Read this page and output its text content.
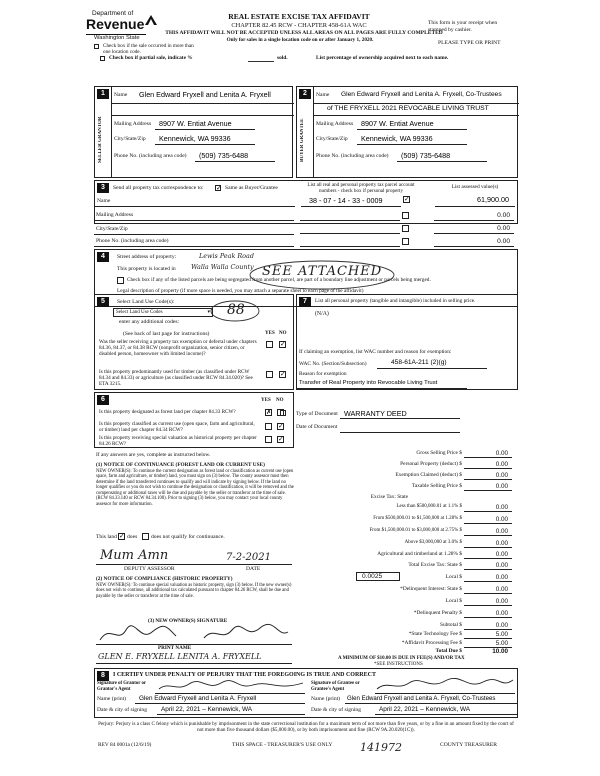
Department of
Revenue
Washington State
REAL ESTATE EXCISE TAX AFFIDAVIT
CHAPTER 82.45 RCW - CHAPTER 458-61A WAC
THIS AFFIDAVIT WILL NOT BE ACCEPTED UNLESS ALL AREAS ON ALL PAGES ARE FULLY COMPLETED
Only for sales in a single location code on or after January 1, 2020.
This form is your receipt when stamped by cashier.
PLEASE TYPE OR PRINT
Check box if the sale occurred in more than one location code.
Check box if partial sale, indicate %	sold.	List percentage of ownership acquired next to each name.
1
SELLER GRANTOR
Name Glen Edward Fryxell and Lenita A. Fryxell
Mailing Address 8907 W. Entiat Avenue
City/State/Zip Kennewick, WA 99336
Phone No. (including area code) (509) 735-6488
2
BUYER GRANTEE
Name Glen Edward Fryxell and Lenita A. Fryxell, Co-Trustees
of THE FRYXELL 2021 REVOCABLE LIVING TRUST
Mailing Address 8907 W. Entiat Avenue
City/State/Zip Kennewick, WA 99336
Phone No. (including area code) (509) 735-6488
3	Send all property tax correspondence to: ✓ Same as Buyer/Grantee
Name
List all real and personal property tax parcel account numbers - check box if personal property
List assessed value(s)
38 - 07 - 14 - 33 - 0009	✓	61,900.00
Mailing Address
City/State/Zip
Phone No. (including area code)
0.00
0.00
0.00
4	Street address of property:	Lewis Peak Road
This property is located in Walla Walla County
Check box if any of the listed parcels are being segregated from another parcel, are part of a boundary line adjustment or parcels being merged.
Legal description of property (if more space is needed, you may attach a separate sheet to each page of the affidavit)
SEE ATTACHED
5	Select Land Use Code(s):
Select Land Use Codes	▾ 88
enter any additional codes:
(See back of last page for instructions)	YES NO
Was the seller receiving a property tax exemption or deferral under chapters 84.36, 84.37, or 84.38 RCW (nonprofit organization, senior citizen, or disabled person, homeowner with limited income)?
✓
Is this property predominantly used for timber (as classified under RCW 84.34 and 84.33) or agriculture (as classified under RCW 84.34.020)? See ETA 3215.
✓
7	List all personal property (tangible and intangible) included in selling price.
(N/A)
If claiming an exemption, list WAC number and reason for exemption:
WAC No. (Section/Subsection)	458-61A-211 (2)(g)
Reason for exemption
Transfer of Real Property into Revocable Living Trust
6	YES NO
Is this property designated as forest land per chapter 84.33 RCW?	✗
Is this property classified as current use (open space, farm and agricultural, or timber) land per chapter 84.34 RCW?
✓
Is this property receiving special valuation as historical property per chapter 84.26 RCW?
✓
If any answers are yes, complete as instructed below.
(1) NOTICE OF CONTINUANCE (FOREST LAND OR CURRENT USE)
NEW OWNER(S): To continue the current designation as forest land or classification as current use (open space, farm and agriculture, or timber) land, you must sign on (3) below. The county assessor must then determine if the land transferred continues to qualify and will indicate by signing below. If the land no longer qualifies or you do not wish to continue the designation or classification, it will be removed and the compensating or additional taxes will be due and payable by the seller or transferor at the time of sale. (RCW 84.33.140 or RCW 84.34.108). Prior to signing (3) below, you may contact your local county assessor for more information.
This land ✓ does does not qualify for continuance.
Mum Amn	7-2-2021
DEPUTY ASSESSOR	DATE
(2) NOTICE OF COMPLIANCE (HISTORIC PROPERTY)
NEW OWNER(S): To continue special valuation as historic property, sign (3) below. If the new owner(s) does not wish to continue, all additional tax calculated pursuant to chapter 84.26 RCW, shall be due and payable by the seller or transferor at the time of sale.
(3) NEW OWNER(S) SIGNATURE
PRINT NAME
GLEN E. FRYXELL LENITA A. FRYXELL
Type of Document WARRANTY DEED
Date of Document
Gross Selling Price $	0.00
Personal Property (deduct) $	0.00
Exemption Claimed (deduct) $	0.00
Taxable Selling Price $	0.00
Excise Tax: State
Less than $500,000.01 at 1.1% $	0.00
From $500,000.01 to $1,500,000 at 1.28% $	0.00
From $1,500,000.01 to $3,000,000 at 2.75% $	0.00
Above $3,000,000 at 3.0% $	0.00
Agricultural and timberland at 1.28% $	0.00
Total Excise Tax: State $	0.00
0.0025	Local $	0.00
*Delinquent Interest: State $	0.00
Local $	0.00
*Delinquent Penalty $	0.00
Subtotal $	0.00
*State Technology Fee $	5.00
*Affidavit Processing Fee $	5.00
Total Due $	10.00
A MINIMUM OF $10.00 IS DUE IN FEE(S) AND/OR TAX
*SEE INSTRUCTIONS
8	I CERTIFY UNDER PENALTY OF PERJURY THAT THE FOREGOING IS TRUE AND CORRECT
Signature of Grantor or Grantor's Agent
Signature of Grantee or Grantee's Agent
Name (print) Glen Edward Fryxell and Lenita A. Fryxell	Name (print) Glen Edward Fryxell and Lenita A. Fryxell, Co-Trustees
Date & city of signing April 22, 2021 – Kennewick, WA	Date & city of signing	April 22, 2021 – Kennewick, WA
Perjury: Perjury is a class C felony which is punishable by imprisonment in the state correctional institution for a maximum term of not more than five years, or by a fine in an amount fixed by the court of not more than five thousand dollars ($5,000.00), or by both imprisonment and fine (RCW 9A.20.020(1C)).
REV 84 0001a (12/6/19)	THIS SPACE - TREASURER'S USE ONLY	141972	COUNTY TREASURER
